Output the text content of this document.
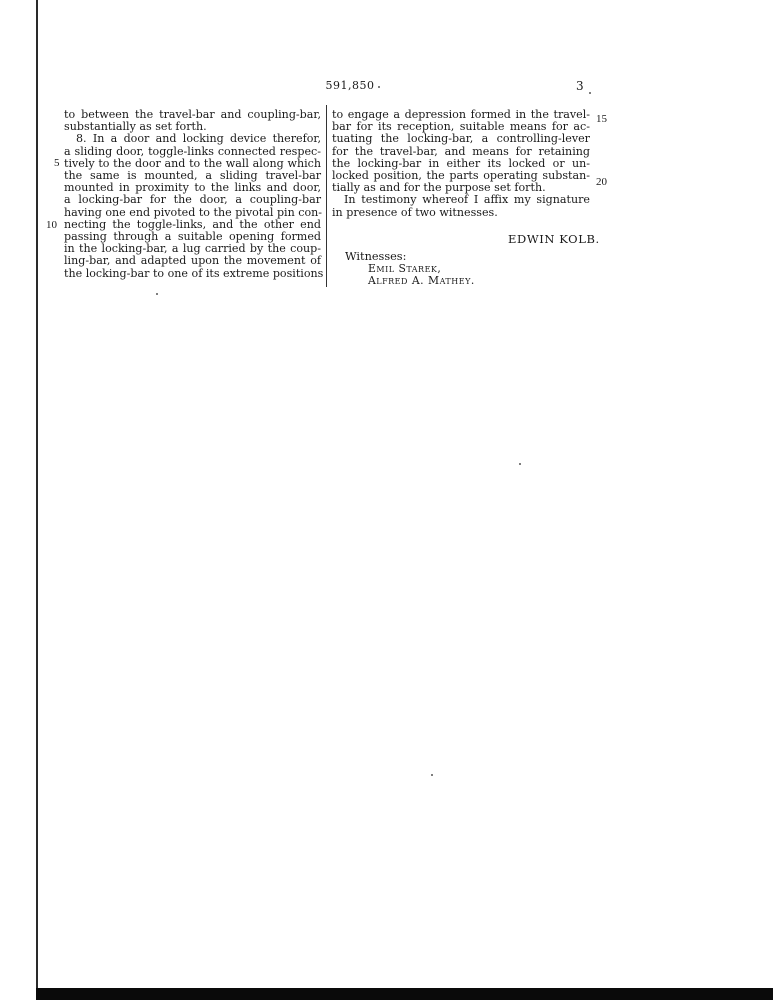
591,850	3
to between the travel-bar and coupling-bar,
substantially as set forth.
8. In a door and locking device therefor,
a sliding door, toggle-links connected respec-
tively to the door and to the wall along which
the same is mounted, a sliding travel-bar
mounted in proximity to the links and door,
a locking-bar for the door, a coupling-bar
having one end pivoted to the pivotal pin con-
necting the toggle-links, and the other end
passing through a suitable opening formed
in the locking-bar, a lug carried by the coup-
ling-bar, and adapted upon the movement of
the locking-bar to one of its extreme positions
to engage a depression formed in the travel-
bar for its reception, suitable means for ac-
tuating the locking-bar, a controlling-lever
for the travel-bar, and means for retaining
the locking-bar in either its locked or un-
locked position, the parts operating substan-
tially as and for the purpose set forth.
In testimony whereof I affix my signature
in presence of two witnesses.
5
10
15
20
EDWIN KOLB.
Witnesses:
Emil Starek,
Alfred A. Mathey.
